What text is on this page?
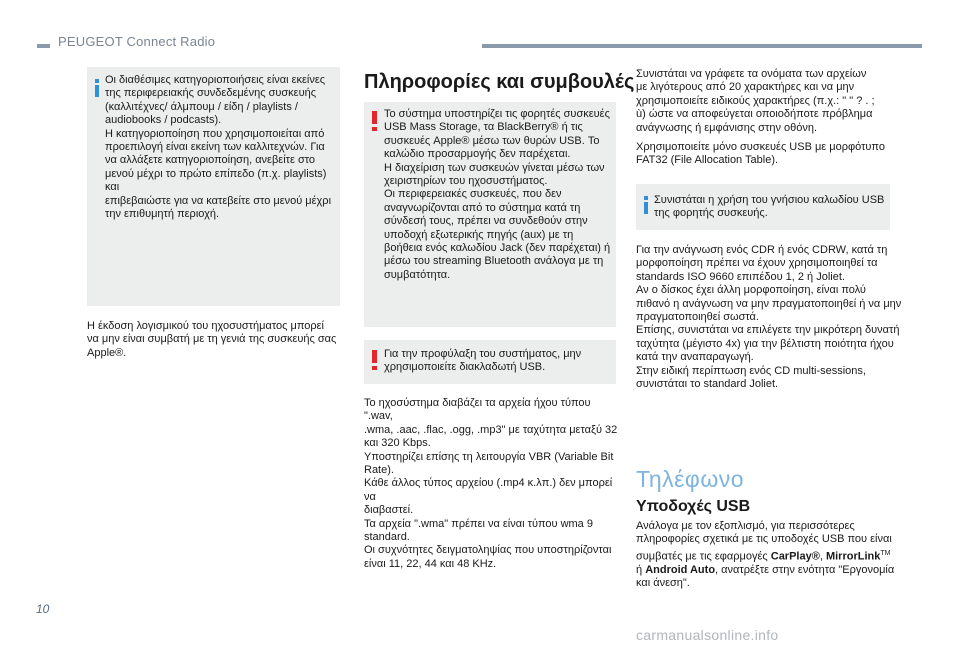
PEUGEOT Connect Radio

Οι διαθέσιμες κατηγοριοποιήσεις είναι εκείνες
της περιφερειακής συνδεδεμένης συσκευής
(καλλιτέχνες/ άλμπουμ / είδη / playlists /
audiobooks / podcasts).
Η κατηγοριοποίηση που χρησιμοποιείται από
προεπιλογή είναι εκείνη των καλλιτεχνών. Για
να αλλάξετε κατηγοριοποίηση, ανεβείτε στο
μενού μέχρι το πρώτο επίπεδο (π.χ. playlists) και
επιβεβαιώστε για να κατεβείτε στο μενού μέχρι
την επιθυμητή περιοχή.

Η έκδοση λογισμικού του ηχοσυστήματος μπορεί
να μην είναι συμβατή με τη γενιά της συσκευής σας
Apple®.

Πληροφορίες και συμβουλές

Το σύστημα υποστηρίζει τις φορητές συσκευές
USB Mass Storage, τα BlackBerry® ή τις
συσκευές Apple® μέσω των θυρών USB. Το
καλώδιο προσαρμογής δεν παρέχεται.
Η διαχείριση των συσκευών γίνεται μέσω των
χειριστηρίων του ηχοσυστήματος.
Οι περιφερειακές συσκευές, που δεν
αναγνωρίζονται από το σύστημα κατά τη
σύνδεσή τους, πρέπει να συνδεθούν στην
υποδοχή εξωτερικής πηγής (aux) με τη
βοήθεια ενός καλωδίου Jack (δεν παρέχεται) ή
μέσω του streaming Bluetooth ανάλογα με τη
συμβατότητα.

Για την προφύλαξη του συστήματος, μην
χρησιμοποιείτε διακλαδωτή USB.

Το ηχοσύστημα διαβάζει τα αρχεία ήχου τύπου ".wav,
.wma, .aac, .flac, .ogg, .mp3" με ταχύτητα μεταξύ 32
και 320 Kbps.
Υποστηρίζει επίσης τη λειτουργία VBR (Variable Bit
Rate).
Κάθε άλλος τύπος αρχείου (.mp4 κ.λπ.) δεν μπορεί να
διαβαστεί.
Τα αρχεία ".wma" πρέπει να είναι τύπου wma 9
standard.
Οι συχνότητες δειγματοληψίας που υποστηρίζονται
είναι 11, 22, 44 και 48 KHz.

Συνιστάται να γράφετε τα ονόματα των αρχείων
με λιγότερους από 20 χαρακτήρες και να μην
χρησιμοποιείτε ειδικούς χαρακτήρες (π.χ.: " " ? . ;
ù) ώστε να αποφεύγεται οποιοδήποτε πρόβλημα
ανάγνωσης ή εμφάνισης στην οθόνη.

Χρησιμοποιείτε μόνο συσκευές USB με μορφότυπο
FAT32 (File Allocation Table).

Συνιστάται η χρήση του γνήσιου καλωδίου USB
της φορητής συσκευής.

Για την ανάγνωση ενός CDR ή ενός CDRW, κατά τη
μορφοποίηση πρέπει να έχουν χρησιμοποιηθεί τα
standards ISO 9660 επιπέδου 1, 2 ή Joliet.
Αν ο δίσκος έχει άλλη μορφοποίηση, είναι πολύ
πιθανό η ανάγνωση να μην πραγματοποιηθεί ή να μην
πραγματοποιηθεί σωστά.
Επίσης, συνιστάται να επιλέγετε την μικρότερη δυνατή
ταχύτητα (μέγιστο 4x) για την βέλτιστη ποιότητα ήχου
κατά την αναπαραγωγή.
Στην ειδική περίπτωση ενός CD multi-sessions,
συνιστάται το standard Joliet.

Τηλέφωνο
Υποδοχές USB

Ανάλογα με τον εξοπλισμό, για περισσότερες
πληροφορίες σχετικά με τις υποδοχές USB που είναι
συμβατές με τις εφαρμογές CarPlay®, MirrorLink™
ή Android Auto, ανατρέξτε στην ενότητα "Εργονομία
και άνεση".

10
carmanualsonline.info
